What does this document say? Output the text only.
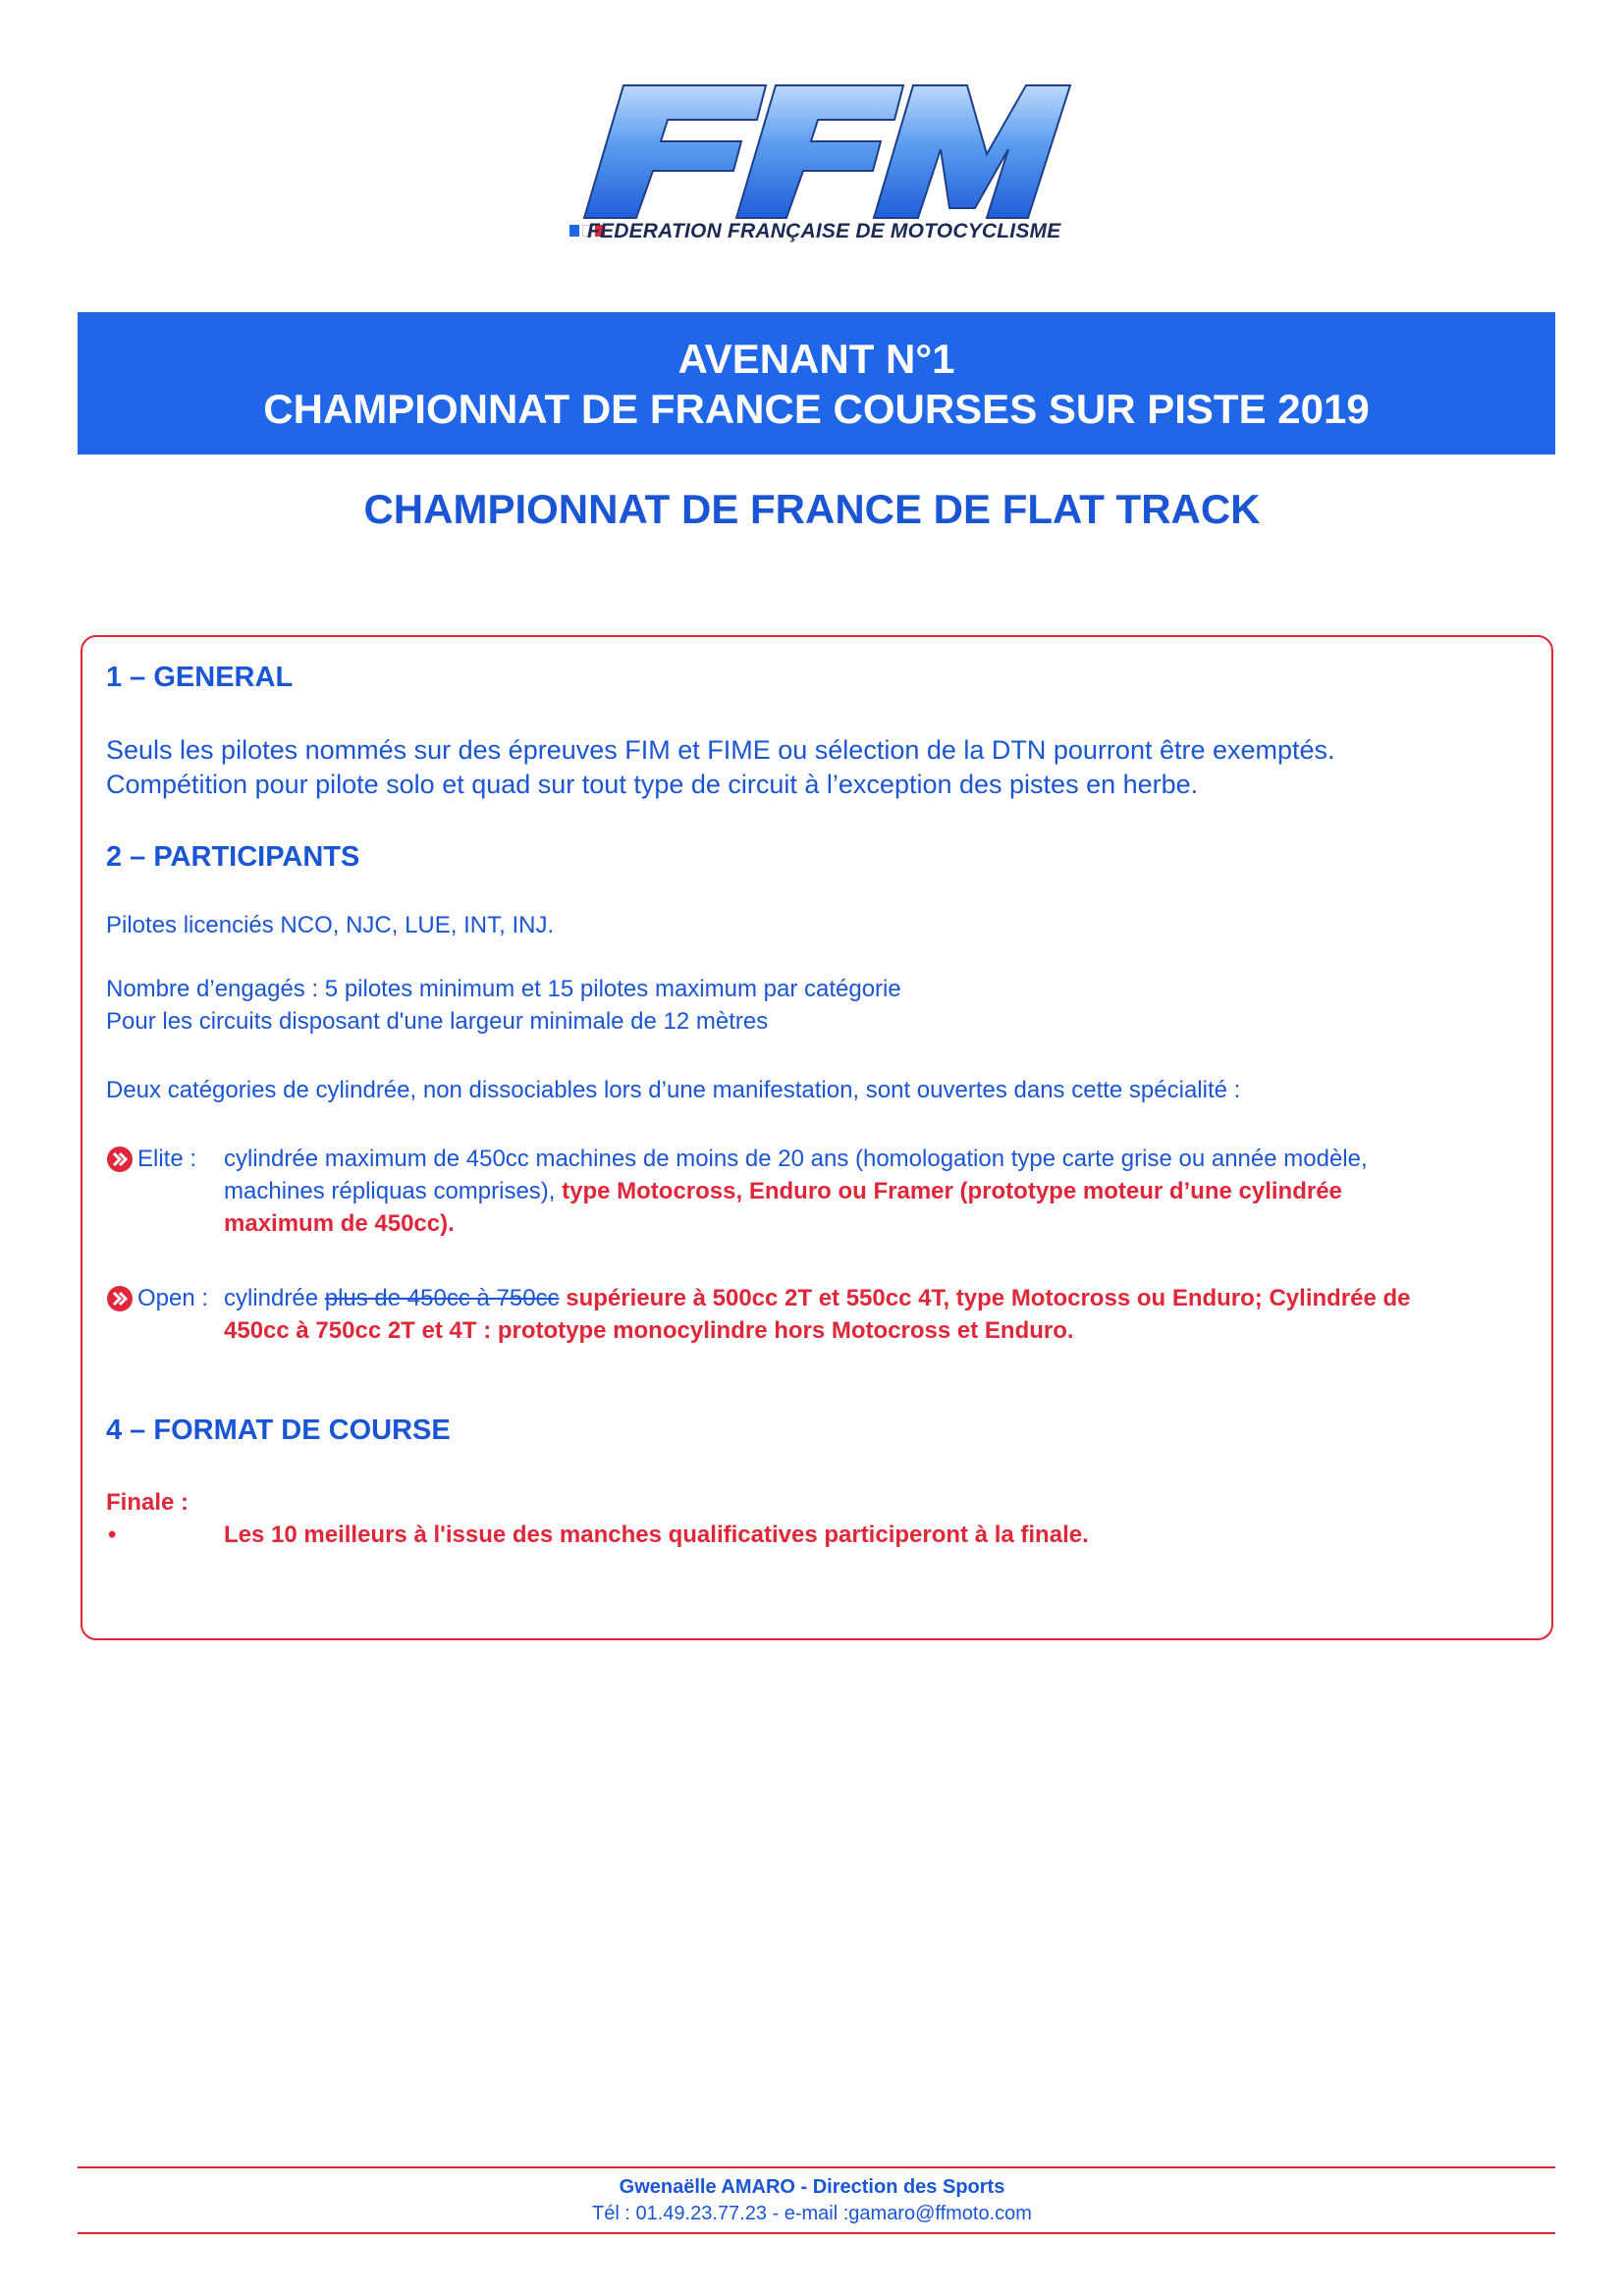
FEDERATION FRANÇAISE DE MOTOCYCLISME
AVENANT N°1
CHAMPIONNAT DE FRANCE COURSES SUR PISTE 2019
CHAMPIONNAT DE FRANCE DE FLAT TRACK
1 – GENERAL
Seuls les pilotes nommés sur des épreuves FIM et FIME ou sélection de la DTN pourront être exemptés.
Compétition pour pilote solo et quad sur tout type de circuit à l’exception des pistes en herbe.
2 – PARTICIPANTS
Pilotes licenciés NCO, NJC, LUE, INT, INJ.
Nombre d’engagés : 5 pilotes minimum et 15 pilotes maximum par catégorie
Pour les circuits disposant d'une largeur minimale de 12 mètres
Deux catégories de cylindrée, non dissociables lors d’une manifestation, sont ouvertes dans cette spécialité :
Elite : cylindrée maximum de 450cc machines de moins de 20 ans (homologation type carte grise ou année modèle,
machines répliquas comprises), type Motocross, Enduro ou Framer (prototype moteur d’une cylindrée
maximum de 450cc).
Open : cylindrée plus de 450cc à 750cc supérieure à 500cc 2T et 550cc 4T, type Motocross ou Enduro; Cylindrée de
450cc à 750cc 2T et 4T : prototype monocylindre hors Motocross et Enduro.
4 – FORMAT DE COURSE
Finale :
•	Les 10 meilleurs à l'issue des manches qualificatives participeront à la finale.
Gwenaëlle AMARO - Direction des Sports
Tél : 01.49.23.77.23 - e-mail :gamaro@ffmoto.com
